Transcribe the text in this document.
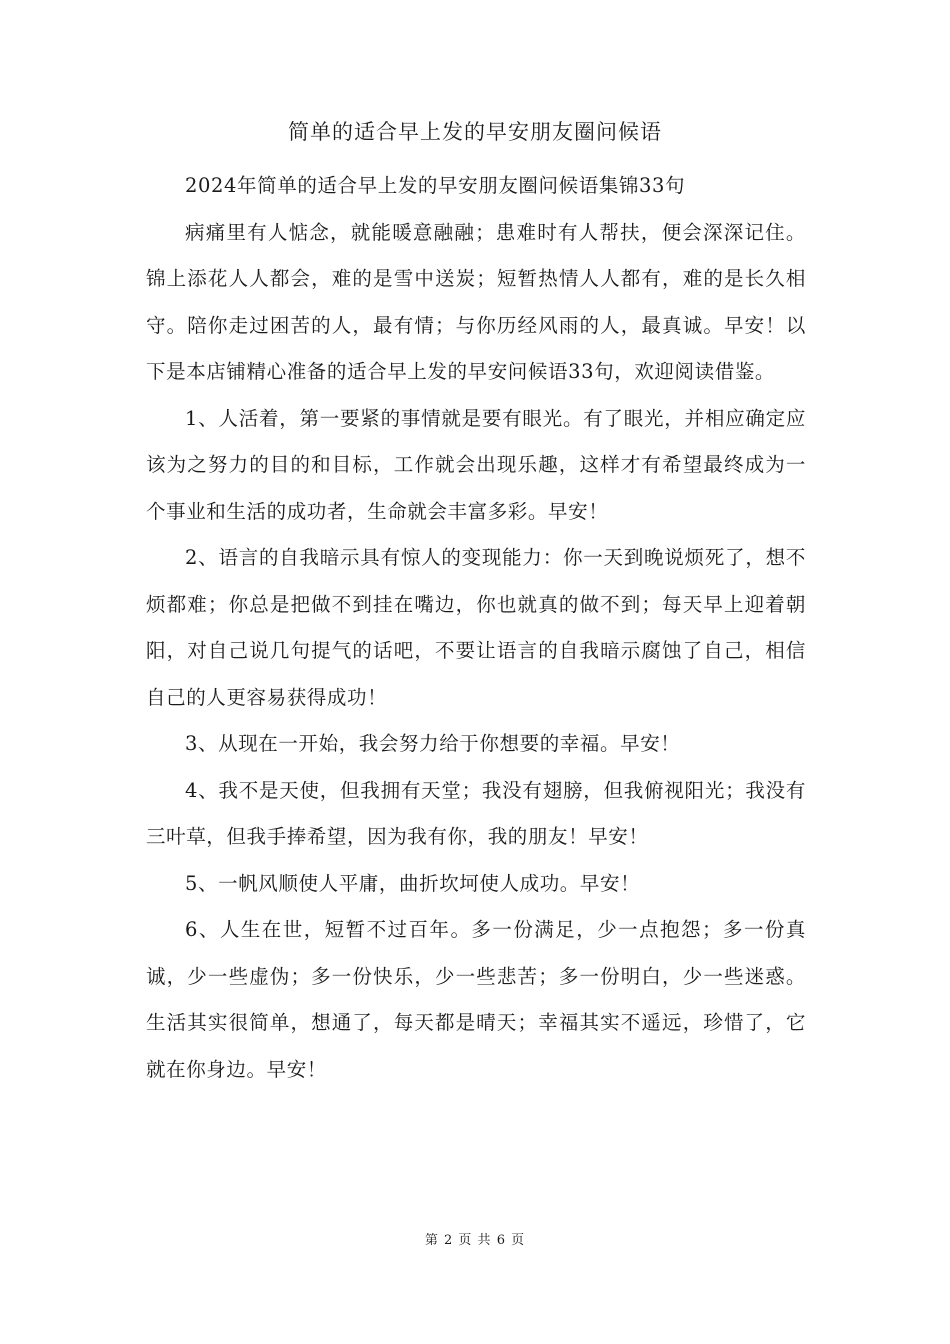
简单的适合早上发的早安朋友圈问候语

2024年简单的适合早上发的早安朋友圈问候语集锦33句

病痛里有人惦念，就能暖意融融；患难时有人帮扶，便会深深记住。锦上添花人人都会，难的是雪中送炭；短暂热情人人都有，难的是长久相守。陪你走过困苦的人，最有情；与你历经风雨的人，最真诚。早安！以下是本店铺精心准备的适合早上发的早安问候语33句，欢迎阅读借鉴。

1、人活着，第一要紧的事情就是要有眼光。有了眼光，并相应确定应该为之努力的目的和目标，工作就会出现乐趣，这样才有希望最终成为一个事业和生活的成功者，生命就会丰富多彩。早安！

2、语言的自我暗示具有惊人的变现能力：你一天到晚说烦死了，想不烦都难；你总是把做不到挂在嘴边，你也就真的做不到；每天早上迎着朝阳，对自己说几句提气的话吧，不要让语言的自我暗示腐蚀了自己，相信自己的人更容易获得成功！

3、从现在一开始，我会努力给于你想要的幸福。早安！

4、我不是天使，但我拥有天堂；我没有翅膀，但我俯视阳光；我没有三叶草，但我手捧希望，因为我有你，我的朋友！早安！

5、一帆风顺使人平庸，曲折坎坷使人成功。早安！

6、人生在世，短暂不过百年。多一份满足，少一点抱怨；多一份真诚，少一些虚伪；多一份快乐，少一些悲苦；多一份明白，少一些迷惑。生活其实很简单，想通了，每天都是晴天；幸福其实不遥远，珍惜了，它就在你身边。早安！

第 2 页 共 6 页
